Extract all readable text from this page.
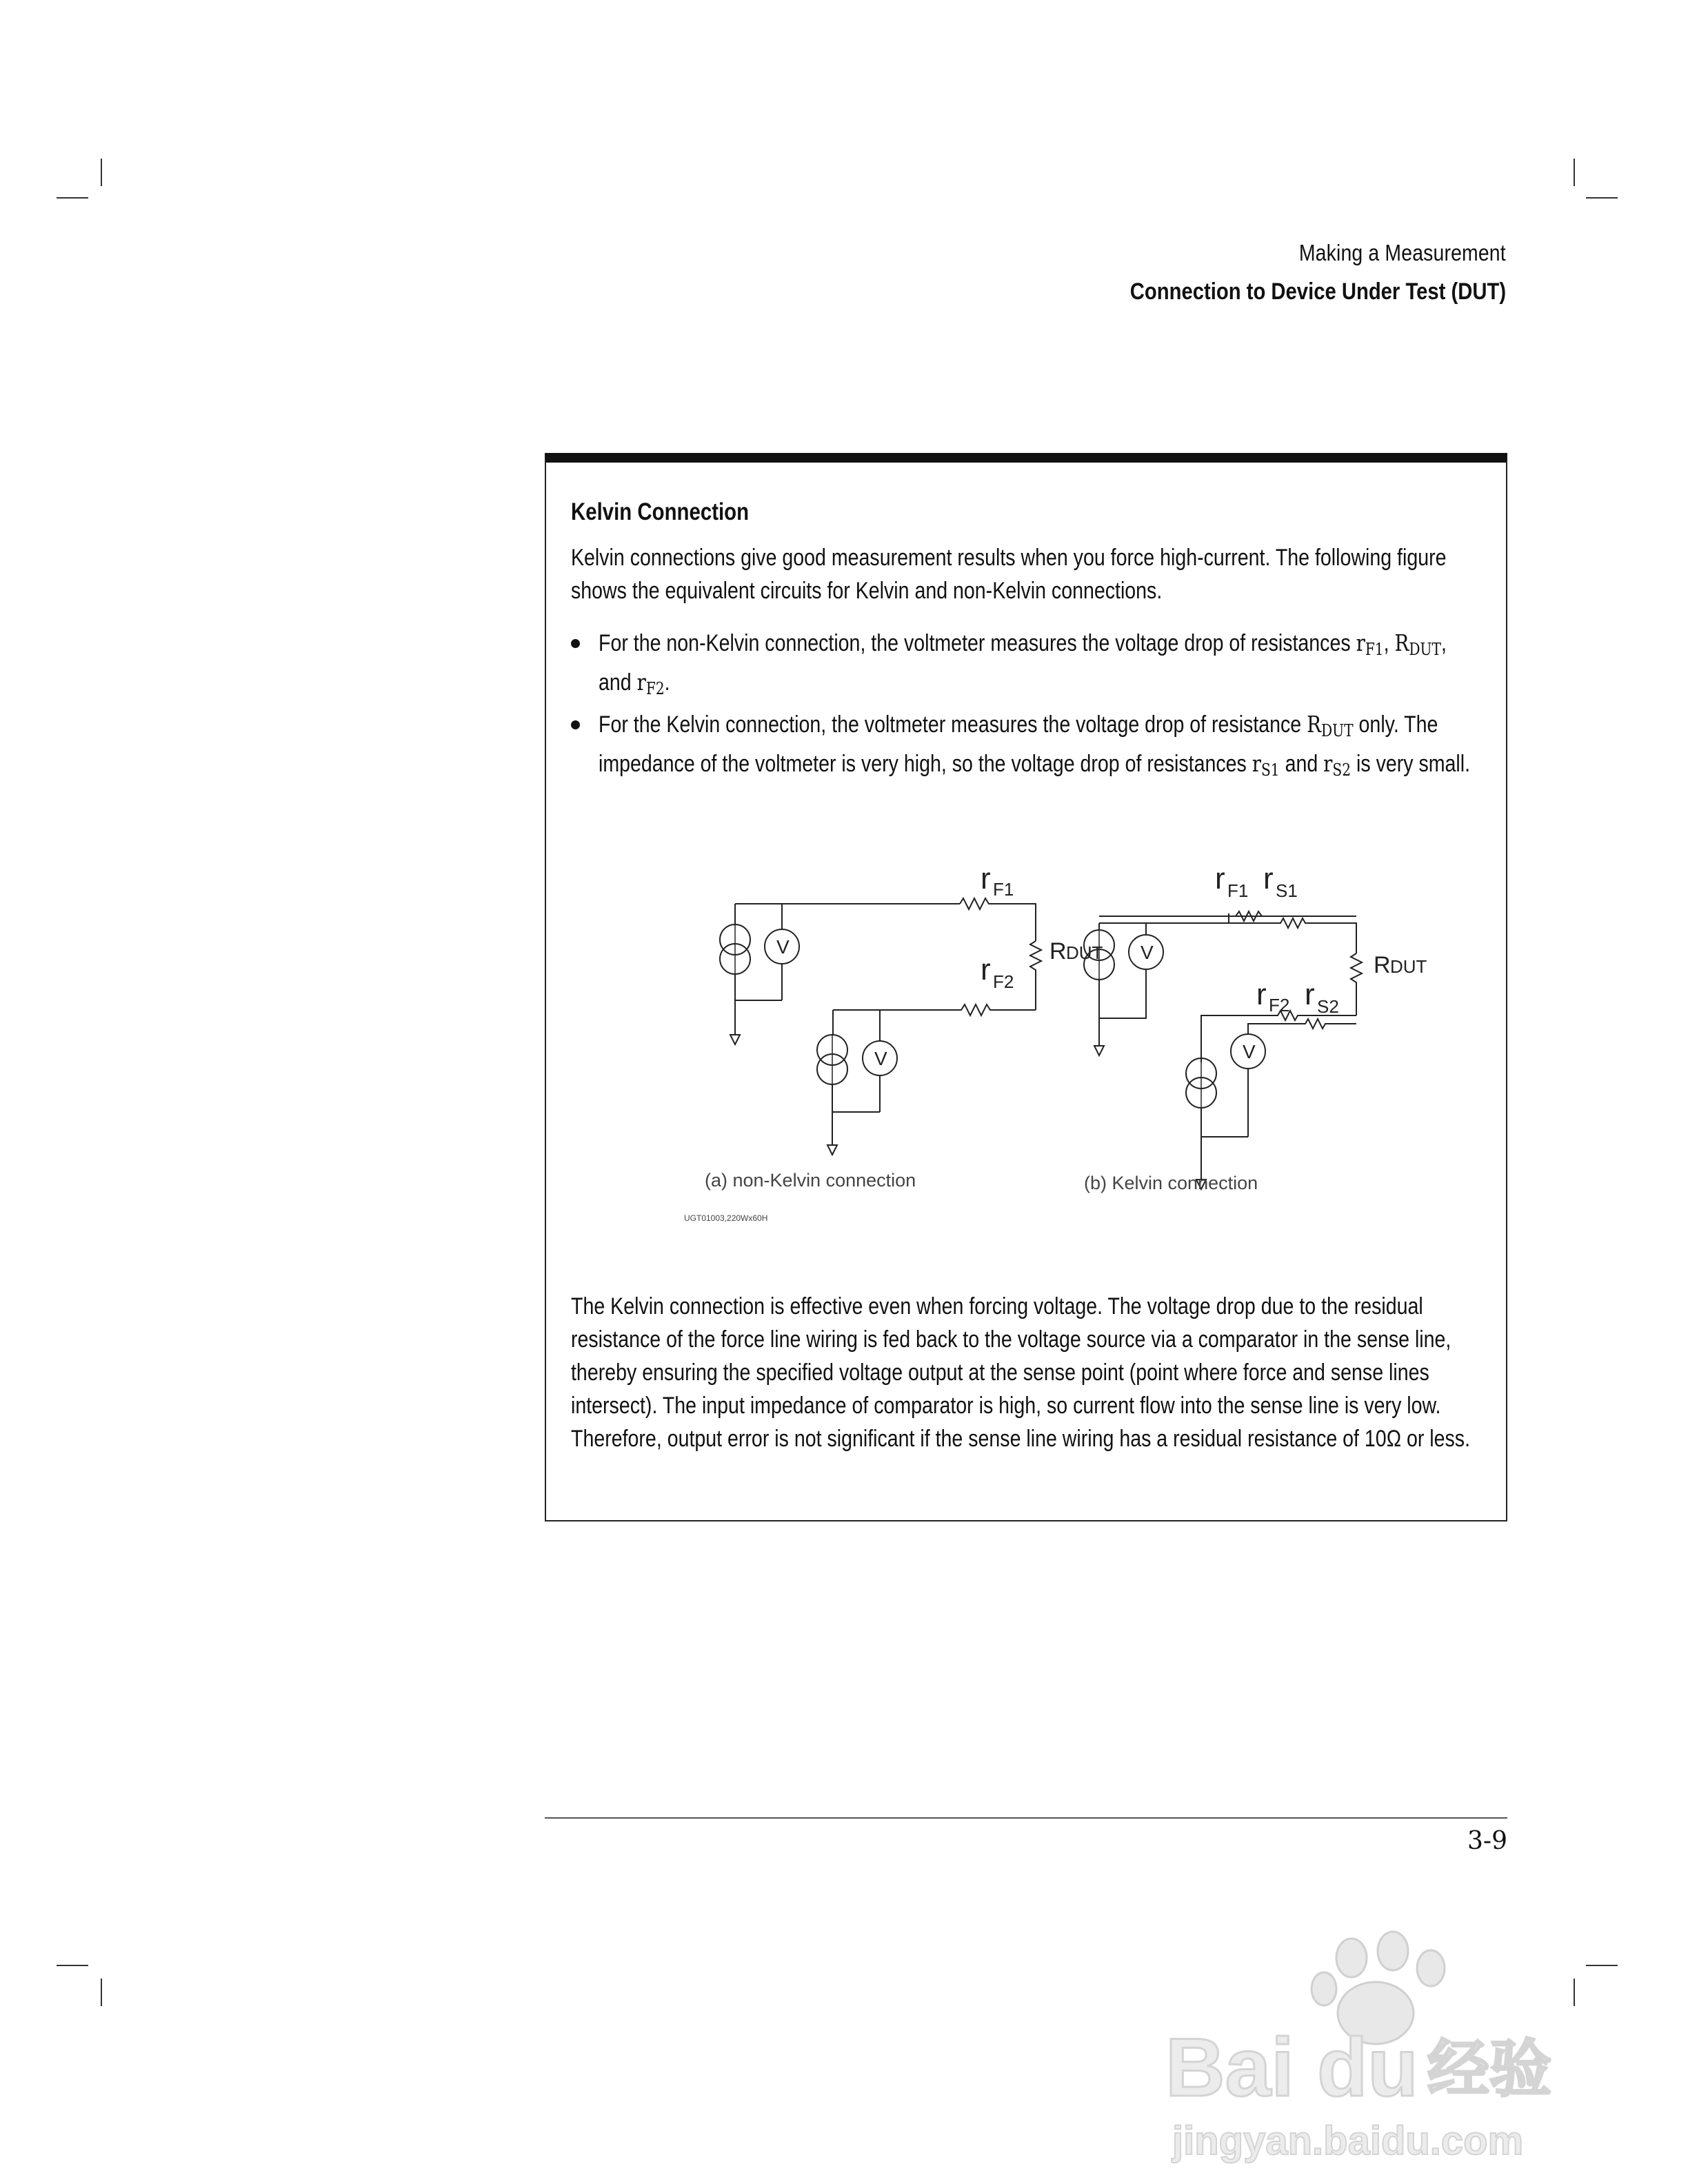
Making a Measurement
Connection to Device Under Test (DUT)
Kelvin Connection
Kelvin connections give good measurement results when you force high-current. The following figure shows the equivalent circuits for Kelvin and non-Kelvin connections.
For the non-Kelvin connection, the voltmeter measures the voltage drop of resistances $r_{F1}$, $R_{DUT}$, and $r_{F2}$.
For the Kelvin connection, the voltmeter measures the voltage drop of resistance $R_{DUT}$ only. The impedance of the voltmeter is very high, so the voltage drop of resistances $r_{S1}$ and $r_{S2}$ is very small.
V
V
V
V
r F1
R DUT
r F2
r F1 r S1
R DUT
r F2 r S2
(a) non-Kelvin connection	(b) Kelvin connection
UGT01003,220Wx60H
The Kelvin connection is effective even when forcing voltage. The voltage drop due to the residual resistance of the force line wiring is fed back to the voltage source via a comparator in the sense line, thereby ensuring the specified voltage output at the sense point (point where force and sense lines intersect). The input impedance of comparator is high, so current flow into the sense line is very low. Therefore, output error is not significant if the sense line wiring has a residual resistance of 10Ω or less.
3-9
Bai du 经验
jingyan.baidu.com
